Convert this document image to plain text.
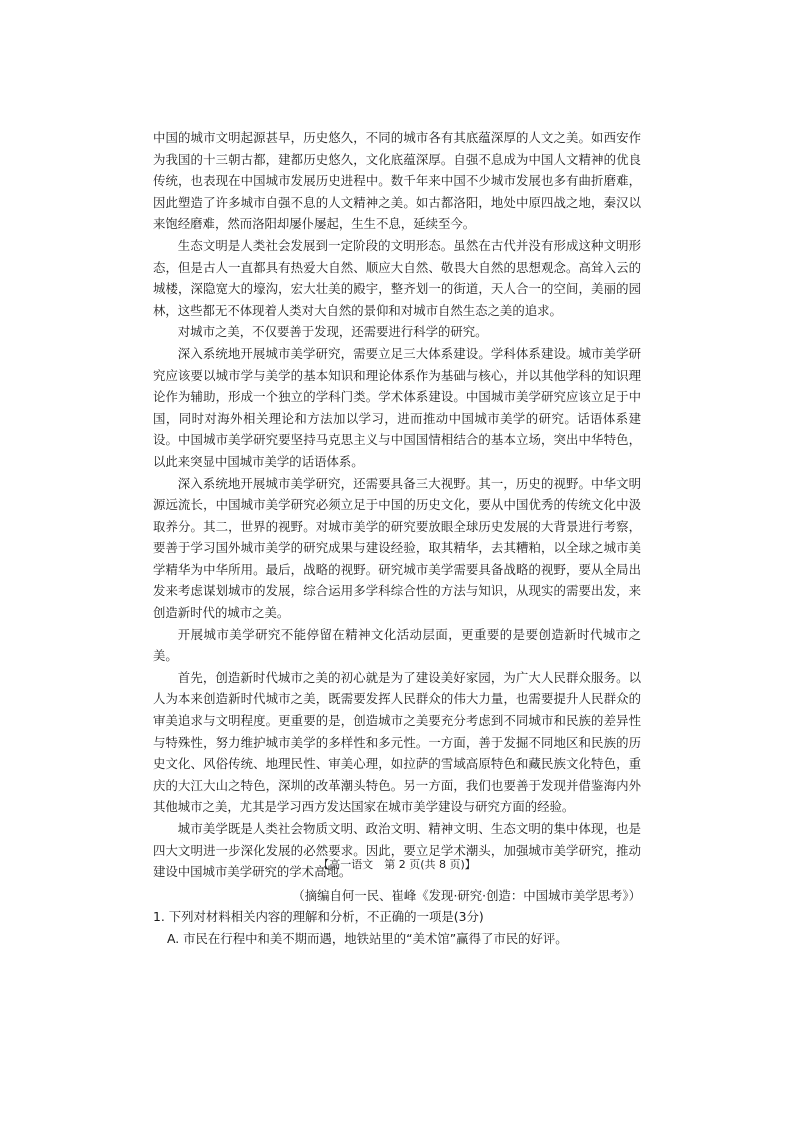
中国的城市文明起源甚早，历史悠久，不同的城市各有其底蕴深厚的人文之美。如西安作为我国的十三朝古都，建都历史悠久，文化底蕴深厚。自强不息成为中国人文精神的优良传统，也表现在中国城市发展历史进程中。数千年来中国不少城市发展也多有曲折磨难，因此塑造了许多城市自强不息的人文精神之美。如古都洛阳，地处中原四战之地，秦汉以来饱经磨难，然而洛阳却屡仆屡起，生生不息，延续至今。

生态文明是人类社会发展到一定阶段的文明形态。虽然在古代并没有形成这种文明形态，但是古人一直都具有热爱大自然、顺应大自然、敬畏大自然的思想观念。高耸入云的城楼，深隐宽大的壕沟，宏大壮美的殿宇，整齐划一的街道，天人合一的空间，美丽的园林，这些都无不体现着人类对大自然的景仰和对城市自然生态之美的追求。

对城市之美，不仅要善于发现，还需要进行科学的研究。

深入系统地开展城市美学研究，需要立足三大体系建设。学科体系建设。城市美学研究应该要以城市学与美学的基本知识和理论体系作为基础与核心，并以其他学科的知识理论作为辅助，形成一个独立的学科门类。学术体系建设。中国城市美学研究应该立足于中国，同时对海外相关理论和方法加以学习，进而推动中国城市美学的研究。话语体系建设。中国城市美学研究要坚持马克思主义与中国国情相结合的基本立场，突出中华特色，以此来突显中国城市美学的话语体系。

深入系统地开展城市美学研究，还需要具备三大视野。其一，历史的视野。中华文明源远流长，中国城市美学研究必须立足于中国的历史文化，要从中国优秀的传统文化中汲取养分。其二，世界的视野。对城市美学的研究要放眼全球历史发展的大背景进行考察，要善于学习国外城市美学的研究成果与建设经验，取其精华，去其糟粕，以全球之城市美学精华为中华所用。最后，战略的视野。研究城市美学需要具备战略的视野，要从全局出发来考虑谋划城市的发展，综合运用多学科综合性的方法与知识，从现实的需要出发，来创造新时代的城市之美。

开展城市美学研究不能停留在精神文化活动层面，更重要的是要创造新时代城市之美。

首先，创造新时代城市之美的初心就是为了建设美好家园，为广大人民群众服务。以人为本来创造新时代城市之美，既需要发挥人民群众的伟大力量，也需要提升人民群众的审美追求与文明程度。更重要的是，创造城市之美要充分考虑到不同城市和民族的差异性与特殊性，努力维护城市美学的多样性和多元性。一方面，善于发掘不同地区和民族的历史文化、风俗传统、地理民性、审美心理，如拉萨的雪域高原特色和藏民族文化特色，重庆的大江大山之特色，深圳的改革潮头特色。另一方面，我们也要善于发现并借鉴海内外其他城市之美，尤其是学习西方发达国家在城市美学建设与研究方面的经验。

城市美学既是人类社会物质文明、政治文明、精神文明、生态文明的集中体现，也是四大文明进一步深化发展的必然要求。因此，要立足学术潮头，加强城市美学研究，推动建设中国城市美学研究的学术高地。

（摘编自何一民、崔峰《发现·研究·创造：中国城市美学思考》）

1. 下列对材料相关内容的理解和分析，不正确的一项是(3分)

A. 市民在行程中和美不期而遇，地铁站里的“美术馆”赢得了市民的好评。

【高一语文　第 2 页(共 8 页)】
